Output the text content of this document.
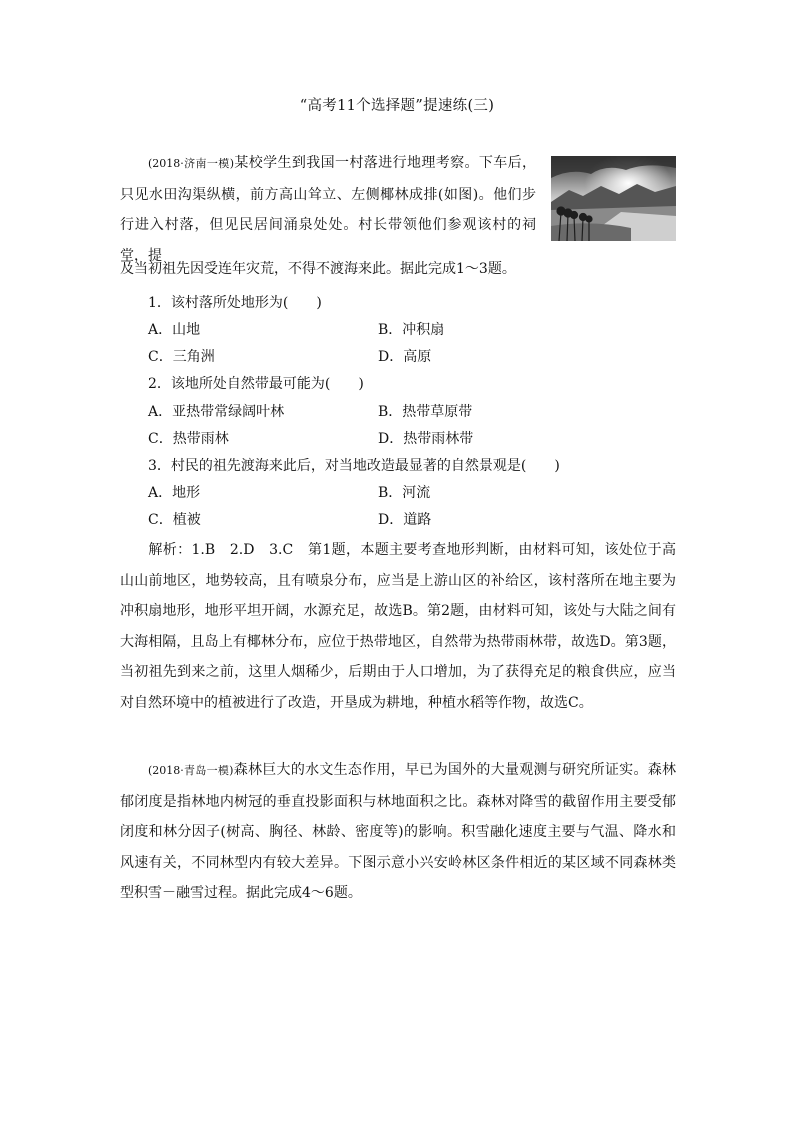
“高考11个选择题”提速练(三)

(2018·济南一模)某校学生到我国一村落进行地理考察。下车后，只见水田沟渠纵横，前方高山耸立、左侧椰林成排(如图)。他们步行进入村落，但见民居间涌泉处处。村长带领他们参观该村的祠堂，提

及当初祖先因受连年灾荒，不得不渡海来此。据此完成1～3题。

1．该村落所处地形为(　　)
A．山地	B．冲积扇
C．三角洲	D．高原
2．该地所处自然带最可能为(　　)
A．亚热带常绿阔叶林	B．热带草原带
C．热带雨林	D．热带雨林带
3．村民的祖先渡海来此后，对当地改造最显著的自然景观是(　　)
A．地形	B．河流
C．植被	D．道路

解析：1.B　2.D　3.C　第1题，本题主要考查地形判断，由材料可知，该处位于高山山前地区，地势较高，且有喷泉分布，应当是上游山区的补给区，该村落所在地主要为冲积扇地形，地形平坦开阔，水源充足，故选B。第2题，由材料可知，该处与大陆之间有大海相隔，且岛上有椰林分布，应位于热带地区，自然带为热带雨林带，故选D。第3题，当初祖先到来之前，这里人烟稀少，后期由于人口增加，为了获得充足的粮食供应，应当对自然环境中的植被进行了改造，开垦成为耕地，种植水稻等作物，故选C。

(2018·青岛一模)森林巨大的水文生态作用，早已为国外的大量观测与研究所证实。森林郁闭度是指林地内树冠的垂直投影面积与林地面积之比。森林对降雪的截留作用主要受郁闭度和林分因子(树高、胸径、林龄、密度等)的影响。积雪融化速度主要与气温、降水和风速有关，不同林型内有较大差异。下图示意小兴安岭林区条件相近的某区域不同森林类型积雪－融雪过程。据此完成4～6题。
